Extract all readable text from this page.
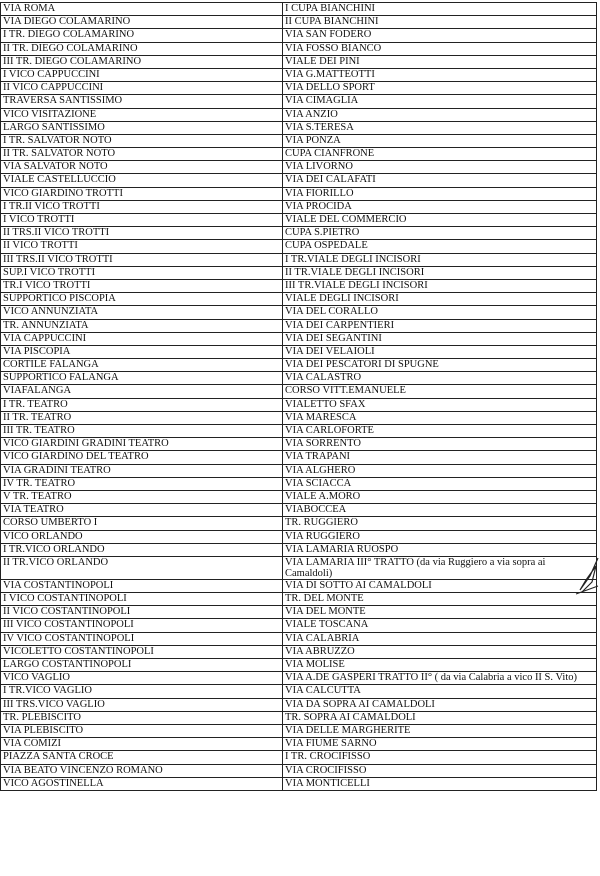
VIA ROMA	I CUPA BIANCHINI
VIA DIEGO COLAMARINO	II CUPA BIANCHINI
I TR. DIEGO COLAMARINO	VIA SAN FODERO
II TR. DIEGO COLAMARINO	VIA FOSSO BIANCO
III TR. DIEGO COLAMARINO	VIALE DEI PINI
I VICO CAPPUCCINI	VIA G.MATTEOTTI
II VICO CAPPUCCINI	VIA DELLO SPORT
TRAVERSA SANTISSIMO	VIA CIMAGLIA
VICO VISITAZIONE	VIA ANZIO
LARGO SANTISSIMO	VIA S.TERESA
I TR. SALVATOR NOTO	VIA PONZA
II TR. SALVATOR NOTO	CUPA CIANFRONE
VIA SALVATOR NOTO	VIA LIVORNO
VIALE CASTELLUCCIO	VIA DEI CALAFATI
VICO GIARDINO TROTTI	VIA FIORILLO
I TR.II VICO TROTTI	VIA PROCIDA
I VICO TROTTI	VIALE DEL COMMERCIO
II TRS.II VICO TROTTI	CUPA S.PIETRO
II VICO TROTTI	CUPA OSPEDALE
III TRS.II VICO TROTTI	I TR.VIALE DEGLI INCISORI
SUP.I VICO TROTTI	II TR.VIALE DEGLI INCISORI
TR.I VICO TROTTI	III TR.VIALE DEGLI INCISORI
SUPPORTICO PISCOPIA	VIALE DEGLI INCISORI
VICO ANNUNZIATA	VIA DEL CORALLO
TR. ANNUNZIATA	VIA DEI CARPENTIERI
VIA CAPPUCCINI	VIA DEI SEGANTINI
VIA PISCOPIA	VIA DEI VELAIOLI
CORTILE FALANGA	VIA DEI PESCATORI DI SPUGNE
SUPPORTICO FALANGA	VIA CALASTRO
VIAFALANGA	CORSO VITT.EMANUELE
I TR. TEATRO	VIALETTO SFAX
II TR. TEATRO	VIA MARESCA
III TR. TEATRO	VIA CARLOFORTE
VICO GIARDINI GRADINI TEATRO	VIA SORRENTO
VICO GIARDINO DEL TEATRO	VIA TRAPANI
VIA GRADINI TEATRO	VIA ALGHERO
IV TR. TEATRO	VIA SCIACCA
V TR. TEATRO	VIALE A.MORO
VIA TEATRO	VIABOCCEA
CORSO UMBERTO I	TR. RUGGIERO
VICO ORLANDO	VIA RUGGIERO
I TR.VICO ORLANDO	VIA LAMARIA RUOSPO
II TR.VICO ORLANDO	VIA LAMARIA III° TRATTO (da via Ruggiero a via sopra ai Camaldoli)
VIA COSTANTINOPOLI	VIA DI SOTTO AI CAMALDOLI
I VICO COSTANTINOPOLI	TR. DEL MONTE
II VICO COSTANTINOPOLI	VIA DEL MONTE
III VICO COSTANTINOPOLI	VIALE TOSCANA
IV VICO COSTANTINOPOLI	VIA CALABRIA
VICOLETTO COSTANTINOPOLI	VIA ABRUZZO
LARGO COSTANTINOPOLI	VIA MOLISE
VICO VAGLIO	VIA A.DE GASPERI TRATTO II° ( da via Calabria a vico II S. Vito)
I TR.VICO VAGLIO	VIA CALCUTTA
III TRS.VICO VAGLIO	VIA DA SOPRA AI CAMALDOLI
TR. PLEBISCITO	TR. SOPRA AI CAMALDOLI
VIA PLEBISCITO	VIA DELLE MARGHERITE
VIA COMIZI	VIA FIUME SARNO
PIAZZA SANTA CROCE	I TR. CROCIFISSO
VIA BEATO VINCENZO ROMANO	VIA CROCIFISSO
VICO AGOSTINELLA	VIA MONTICELLI
